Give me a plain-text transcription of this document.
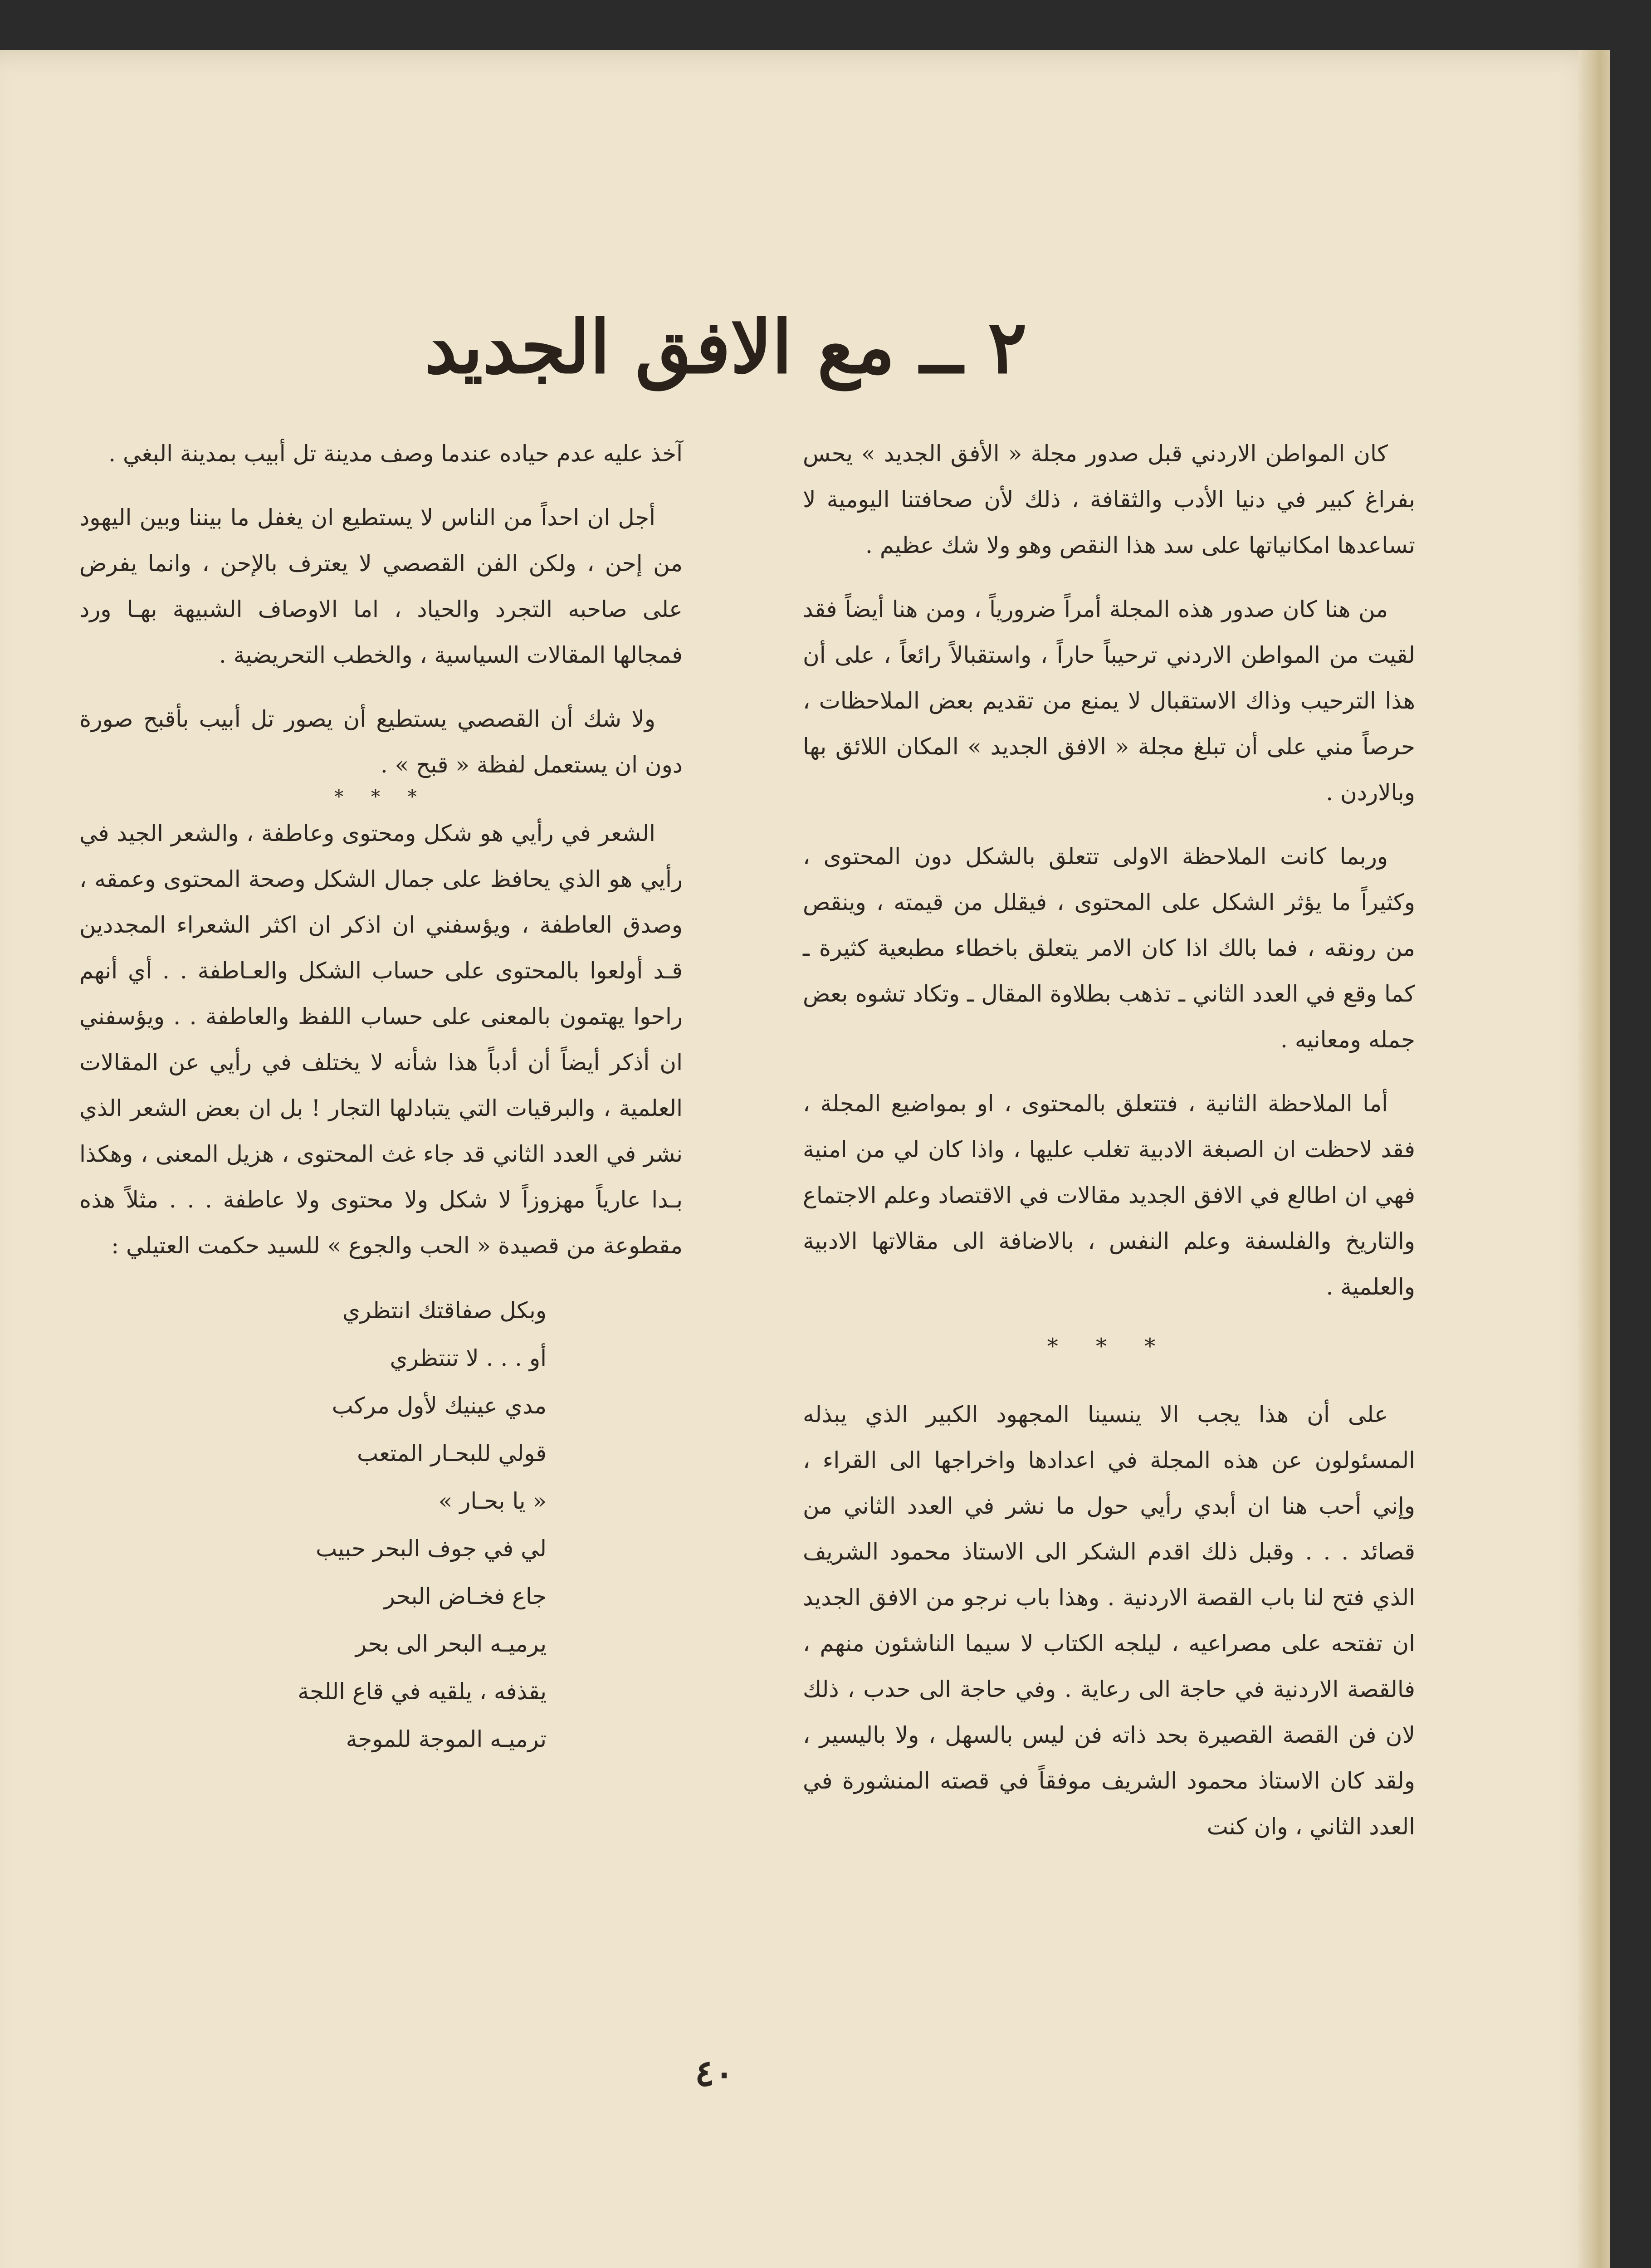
٢ ــ مع الافق الجديد

كان المواطن الاردني قبل صدور مجلة « الأفق الجديد » يحس بفراغ كبير في دنيا الأدب والثقافة ، ذلك لأن صحافتنا اليومية لا تساعدها امكانياتها على سد هذا النقص وهو ولا شك عظيم .

من هنا كان صدور هذه المجلة أمراً ضرورياً ، ومن هنا أيضاً فقد لقيت من المواطن الاردني ترحيباً حاراً ، واستقبالاً رائعاً ، على أن هذا الترحيب وذاك الاستقبال لا يمنع من تقديم بعض الملاحظات ، حرصاً مني على أن تبلغ مجلة « الافق الجديد » المكان اللائق بها وبالاردن .

وربما كانت الملاحظة الاولى تتعلق بالشكل دون المحتوى ، وكثيراً ما يؤثر الشكل على المحتوى ، فيقلل من قيمته ، وينقص من رونقه ، فما بالك اذا كان الامر يتعلق باخطاء مطبعية كثيرة ـ كما وقع في العدد الثاني ـ تذهب بطلاوة المقال ـ وتكاد تشوه بعض جمله ومعانيه .

أما الملاحظة الثانية ، فتتعلق بالمحتوى ، او بمواضيع المجلة ، فقد لاحظت ان الصبغة الادبية تغلب عليها ، واذا كان لي من امنية فهي ان اطالع في الافق الجديد مقالات في الاقتصاد وعلم الاجتماع والتاريخ والفلسفة وعلم النفس ، بالاضافة الى مقالاتها الادبية والعلمية .

* * *

على أن هذا يجب الا ينسينا المجهود الكبير الذي يبذله المسئولون عن هذه المجلة في اعدادها واخراجها الى القراء ، وإني أحب هنا ان أبدي رأيي حول ما نشر في العدد الثاني من قصائد . . . وقبل ذلك اقدم الشكر الى الاستاذ محمود الشريف الذي فتح لنا باب القصة الاردنية . وهذا باب نرجو من الافق الجديد ان تفتحه على مصراعيه ، ليلجه الكتاب لا سيما الناشئون منهم ، فالقصة الاردنية في حاجة الى رعاية . وفي حاجة الى حدب ، ذلك لان فن القصة القصيرة بحد ذاته فن ليس بالسهل ، ولا باليسير ، ولقد كان الاستاذ محمود الشريف موفقاً في قصته المنشورة في العدد الثاني ، وان كنت

آخذ عليه عدم حياده عندما وصف مدينة تل أبيب بمدينة البغي .

أجل ان احداً من الناس لا يستطيع ان يغفل ما بيننا وبين اليهود من إحن ، ولكن الفن القصصي لا يعترف بالإحن ، وانما يفرض على صاحبه التجرد والحياد ، اما الاوصاف الشبيهة بهـا ورد فمجالها المقالات السياسية ، والخطب التحريضية .

ولا شك أن القصصي يستطيع أن يصور تل أبيب بأقبح صورة دون ان يستعمل لفظة « قبح » .

* * *

الشعر في رأيي هو شكل ومحتوى وعاطفة ، والشعر الجيد في رأيي هو الذي يحافظ على جمال الشكل وصحة المحتوى وعمقه ، وصدق العاطفة ، ويؤسفني ان اذكر ان اكثر الشعراء المجددين قـد أولعوا بالمحتوى على حساب الشكل والعـاطفة . . أي أنهم راحوا يهتمون بالمعنى على حساب اللفظ والعاطفة . . ويؤسفني ان أذكر أيضاً أن أدباً هذا شأنه لا يختلف في رأيي عن المقالات العلمية ، والبرقيات التي يتبادلها التجار ! بل ان بعض الشعر الذي نشر في العدد الثاني قد جاء غث المحتوى ، هزيل المعنى ، وهكذا بـدا عارياً مهزوزاً لا شكل ولا محتوى ولا عاطفة . . . مثلاً هذه مقطوعة من قصيدة « الحب والجوع » للسيد حكمت العتيلي :

وبكل صفاقتك انتظري
أو . . . لا تنتظري
مدي عينيك لأول مركب
قولي للبحـار المتعب
« يا بحـار »
لي في جوف البحر حبيب
جاع فخـاض البحر
يرميـه البحر الى بحر
يقذفه ، يلقيه في قاع اللجة
ترميـه الموجة للموجة
٤٠
